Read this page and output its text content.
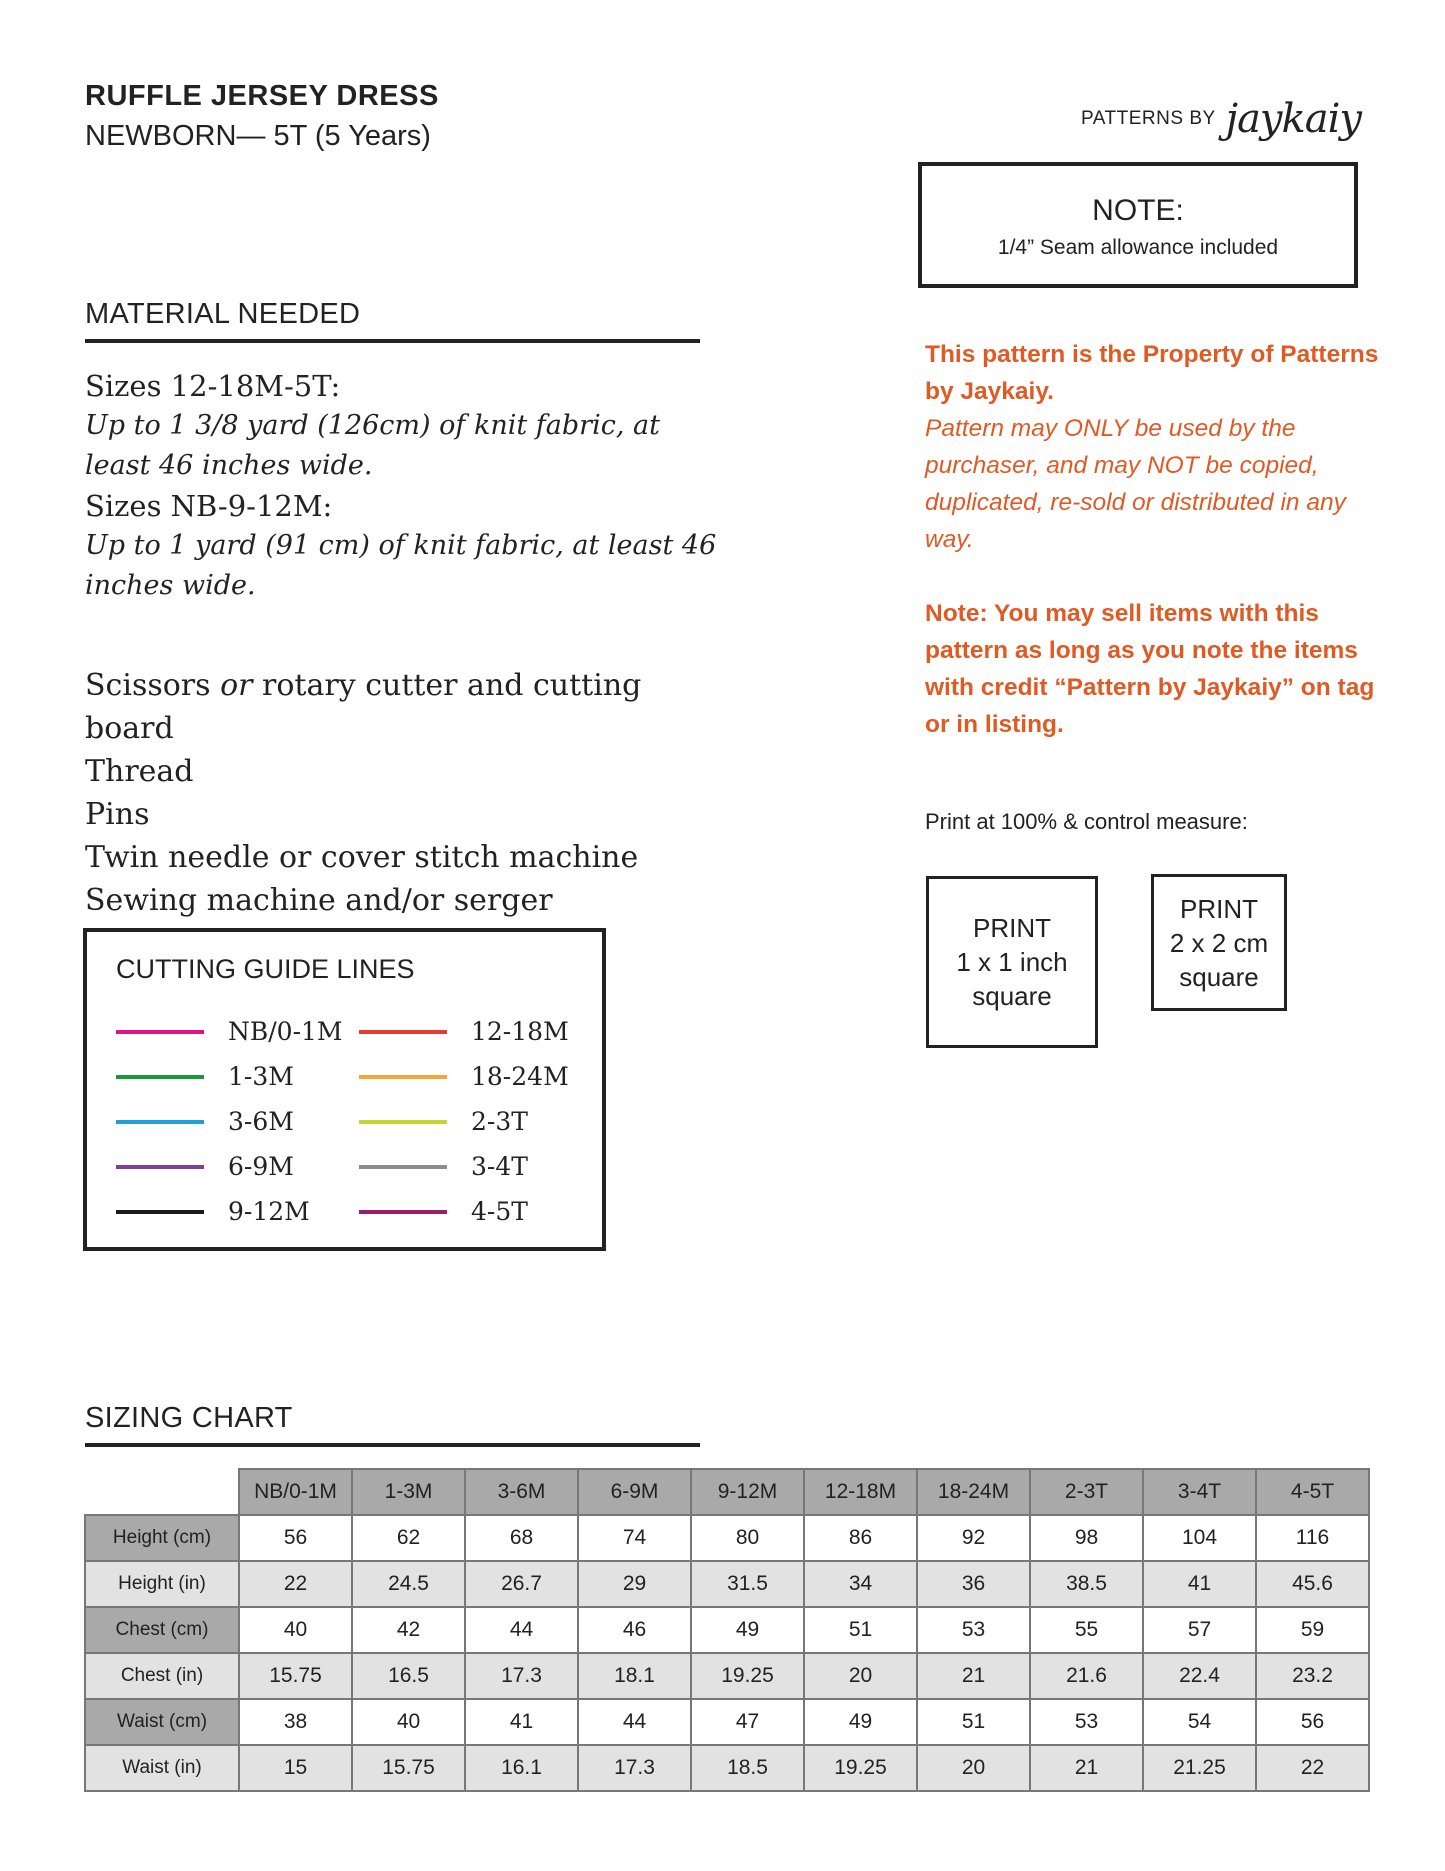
RUFFLE JERSEY DRESS
NEWBORN— 5T (5 Years)
PATTERNS BY jaykaiy
NOTE:
1/4” Seam allowance included
MATERIAL NEEDED
Sizes 12-18M-5T:
Up to 1 3/8 yard (126cm) of knit fabric, at least 46 inches wide.
Sizes NB-9-12M:
Up to 1 yard (91 cm) of knit fabric, at least 46 inches wide.
Scissors or rotary cutter and cutting board
Thread
Pins
Twin needle or cover stitch machine
Sewing machine and/or serger
This pattern is the Property of Patterns by Jaykaiy.
Pattern may ONLY be used by the purchaser, and may NOT be copied, duplicated, re-sold or distributed in any way.
Note: You may sell items with this pattern as long as you note the items with credit “Pattern by Jaykaiy” on tag or in listing.
Print at 100% & control measure:
PRINT
1 x 1 inch
square
PRINT
2 x 2 cm
square
CUTTING GUIDE LINES
NB/0-1M
1-3M
3-6M
6-9M
9-12M
12-18M
18-24M
2-3T
3-4T
4-5T
SIZING CHART
	NB/0-1M	1-3M	3-6M	6-9M	9-12M	12-18M	18-24M	2-3T	3-4T	4-5T
Height (cm)	56	62	68	74	80	86	92	98	104	116
Height (in)	22	24.5	26.7	29	31.5	34	36	38.5	41	45.6
Chest (cm)	40	42	44	46	49	51	53	55	57	59
Chest (in)	15.75	16.5	17.3	18.1	19.25	20	21	21.6	22.4	23.2
Waist (cm)	38	40	41	44	47	49	51	53	54	56
Waist (in)	15	15.75	16.1	17.3	18.5	19.25	20	21	21.25	22
